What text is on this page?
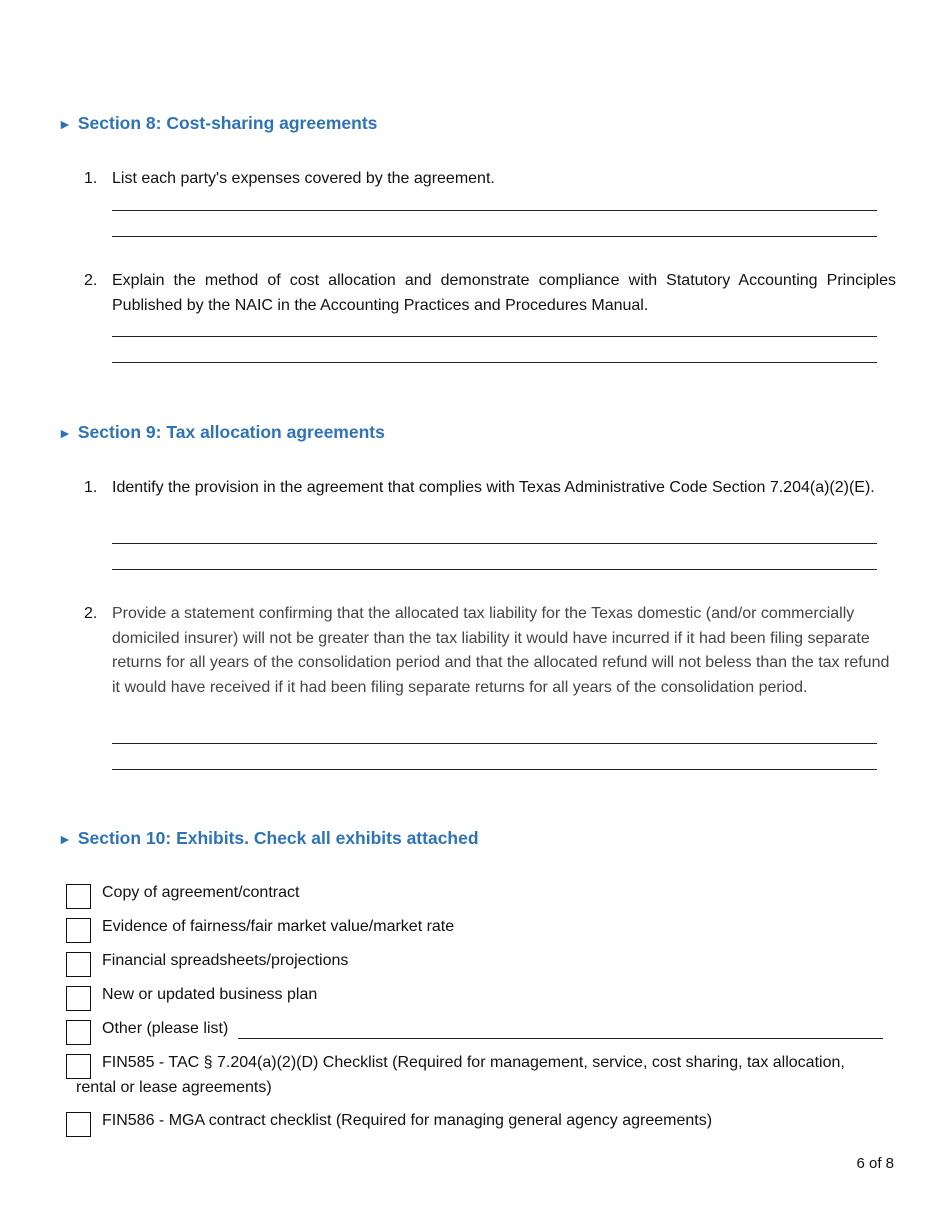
► Section 8: Cost-sharing agreements
1. List each party's expenses covered by the agreement.
2. Explain the method of cost allocation and demonstrate compliance with Statutory Accounting Principles Published by the NAIC in the Accounting Practices and Procedures Manual.
► Section 9: Tax allocation agreements
1. Identify the provision in the agreement that complies with Texas Administrative Code Section 7.204(a)(2)(E).
2. Provide a statement confirming that the allocated tax liability for the Texas domestic (and/or commercially domiciled insurer) will not be greater than the tax liability it would have incurred if it had been filing separate returns for all years of the consolidation period and that the allocated refund will not beless than the tax refund it would have received if it had been filing separate returns for all years of the consolidation period.
► Section 10: Exhibits. Check all exhibits attached
Copy of agreement/contract
Evidence of fairness/fair market value/market rate
Financial spreadsheets/projections
New or updated business plan
Other (please list)
FIN585 - TAC § 7.204(a)(2)(D) Checklist (Required for management, service, cost sharing, tax allocation, rental or lease agreements)
FIN586 - MGA contract checklist (Required for managing general agency agreements)
6 of 8
